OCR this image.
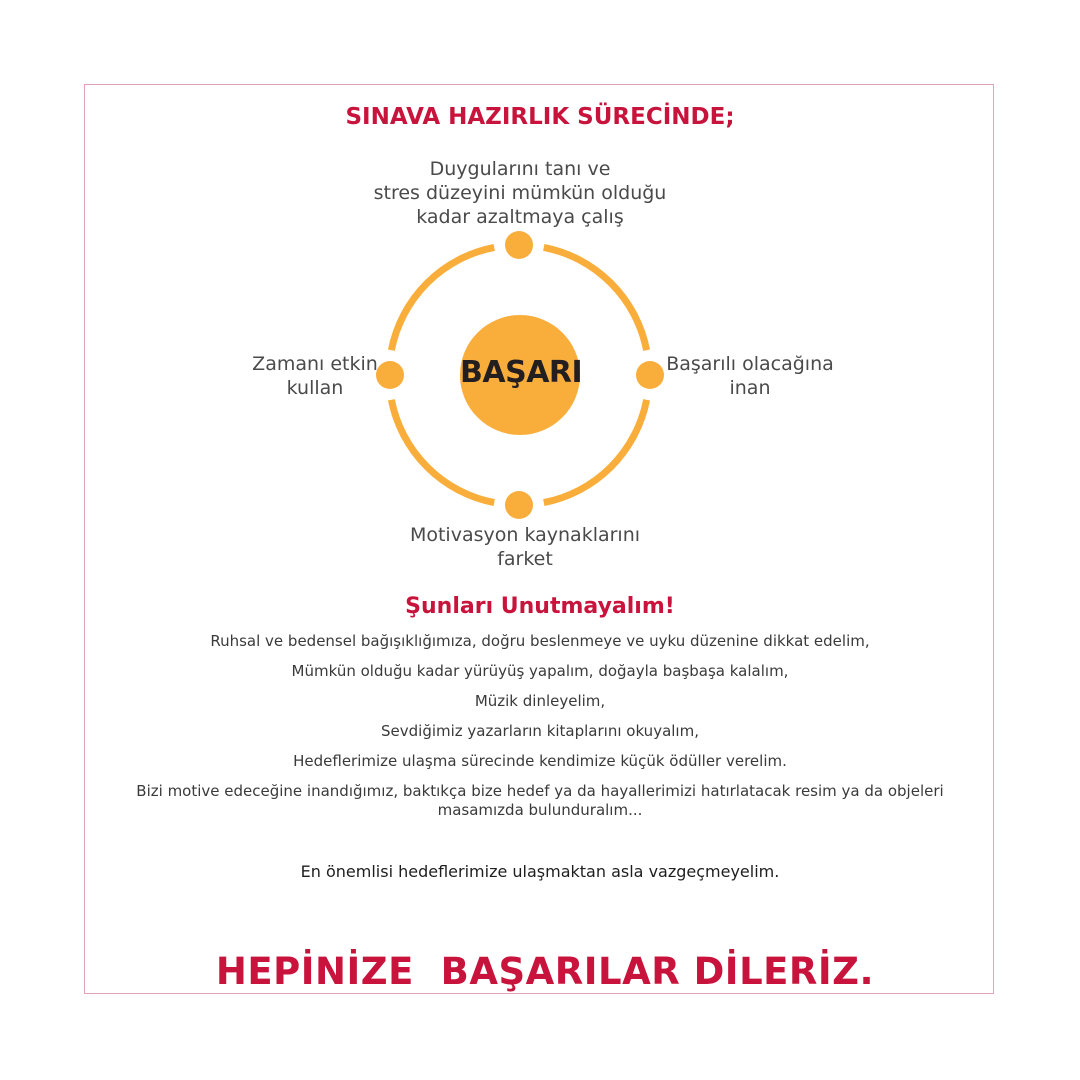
SINAVA HAZIRLIK SÜRECİNDE;
Duygularını tanı ve
stres düzeyini mümkün olduğu
kadar azaltmaya çalış
Zamanı etkin
kullan
Başarılı olacağına
inan
Motivasyon kaynaklarını
farket
BAŞARI
Şunları Unutmayalım!

Ruhsal ve bedensel bağışıklığımıza, doğru beslenmeye ve uyku düzenine dikkat edelim,

Mümkün olduğu kadar yürüyüş yapalım, doğayla başbaşa kalalım,

Müzik dinleyelim,

Sevdiğimiz yazarların kitaplarını okuyalım,

Hedeflerimize ulaşma sürecinde kendimize küçük ödüller verelim.

Bizi motive edeceğine inandığımız, baktıkça bize hedef ya da hayallerimizi hatırlatacak resim ya da objeleri masamızda bulunduralım...

En önemlisi hedeflerimize ulaşmaktan asla vazgeçmeyelim.
HEPİNİZE  BAŞARILAR DİLERİZ.
